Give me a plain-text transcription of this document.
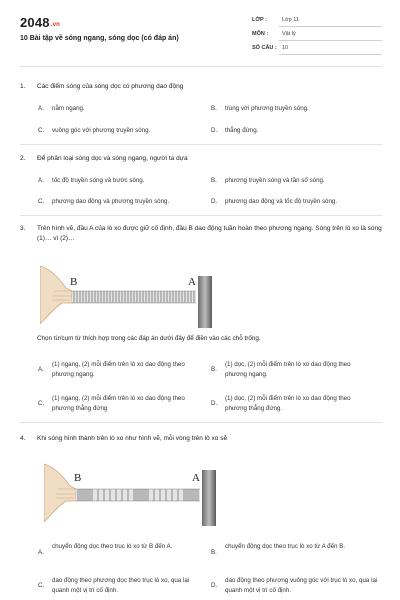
2048.vn
10 Bài tập về sóng ngang, sóng dọc (có đáp án)
LỚP :	Lớp 11
MÔN :	Vật lý
SỐ CÂU : 10
1.	Các điểm sóng của sóng dọc có phương dao động
A.	nằm ngang.	B.	trùng với phương truyền sóng.
C.	vuông góc với phương truyền sóng.	D.	thẳng đứng.
2.	Để phân loại sóng dọc và sóng ngang, người ta dựa
A.	tốc độ truyền sóng và bước sóng.	B.	phương truyền sóng và tần số sóng.
C.	phương dao động và phương truyền sóng.	D.	phương dao động và tốc độ truyền sóng.
3.	Trên hình vẽ, đầu A của lò xo được giữ cố định, đầu B dao động tuần hoàn theo phương ngang. Sóng trên lò xo là sóng (1)… vì (2)…
B	A
Chọn từ/cụm từ thích hợp trong các đáp án dưới đây để điền vào các chỗ trống.
A.
(1) ngang, (2) mỗi điểm trên lò xo dao động theo phương ngang.
B.
(1) dọc, (2) mỗi điểm trên lò xo dao động theo phương ngang.
C.
(1) ngang, (2) mỗi điểm trên lò xo dao động theo phương thẳng đứng
D.
(1) dọc, (2) mỗi điểm trên lò xo dao động theo phương thẳng đứng.
4.	Khi sóng hình thành trên lò xo như hình vẽ, mỗi vòng trên lò xo sẽ
B	A
A.
chuyển động dọc theo trục lò xo từ B đến A.
B.
chuyển động dọc theo trục lò xo từ A đến B.
C.
dao động theo phương dọc theo trục lò xo, qua lại quanh một vị trí cố định.
D.
dao động theo phương vuông góc với trục lò xo, qua lại quanh một vị trí cố định.
